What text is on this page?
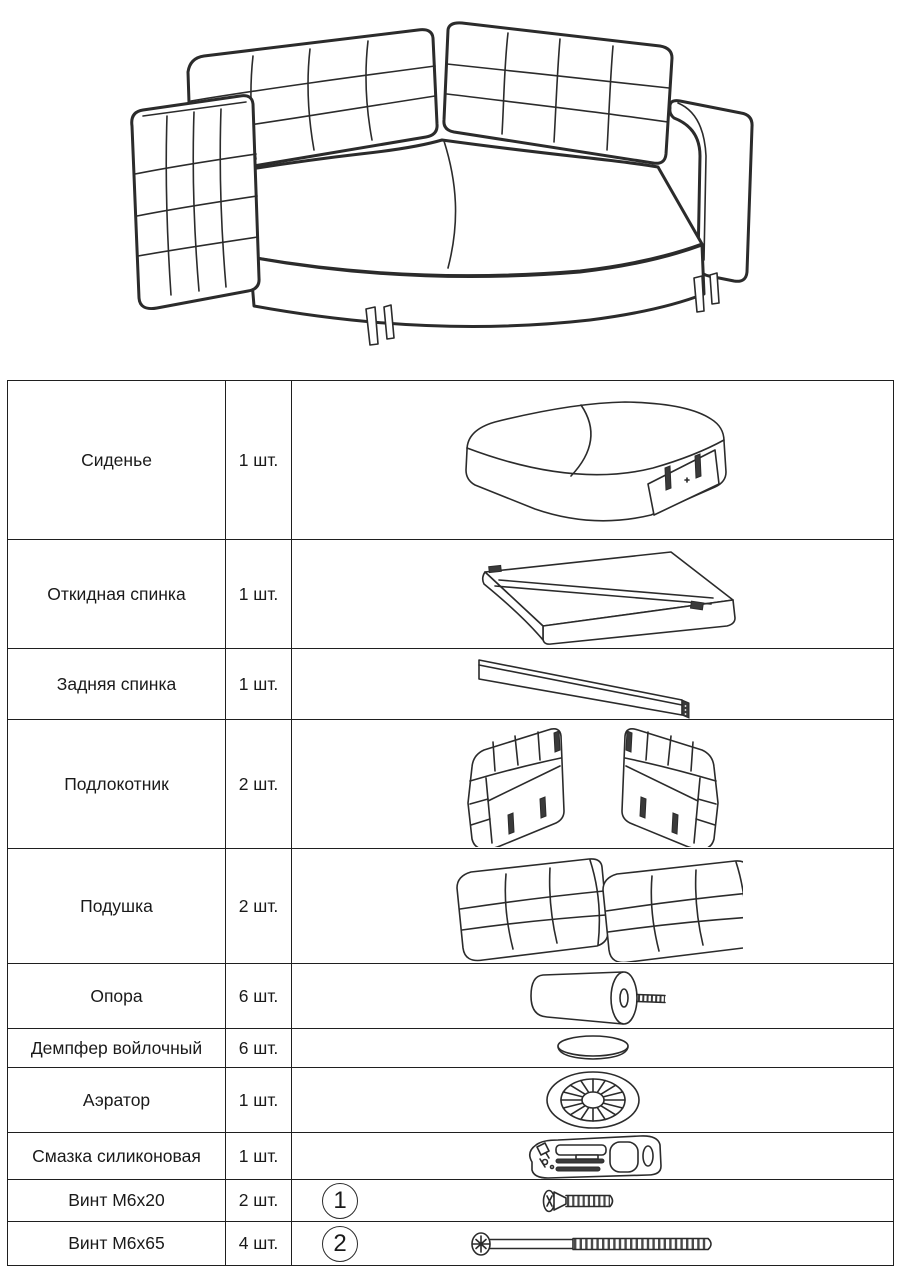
Сиденье	1 шт.	

Откидная спинка	1 шт.	

Задняя спинка	1 шт.	

Подлокотник	2 шт.	

Подушка	2 шт.	

Опора	6 шт.	

Демпфер войлочный	6 шт.	

Аэратор	1 шт.	

Смазка силиконовая	1 шт.	

Винт М6х20	2 шт.	1

Винт М6х65	4 шт.	2
